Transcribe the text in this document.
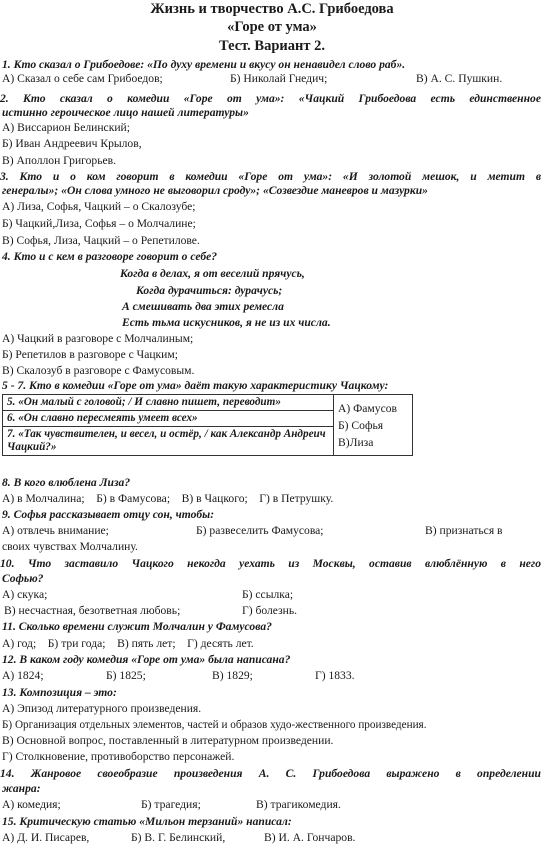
Жизнь и творчество А.С. Грибоедова
«Горе от ума»
Тест. Вариант 2.
1. Кто сказал о Грибоедове: «По духу времени и вкусу он ненавидел слово раб».
А) Сказал о себе сам Грибоедов;	Б) Николай Гнедич;	В) А. С. Пушкин.
2. Кто сказал о комедии «Горе от ума»: «Чацкий Грибоедова есть единственное
истинно героическое лицо нашей литературы»
А) Виссарион Белинский;
Б) Иван Андреевич Крылов,
В) Аполлон Григорьев.
3. Кто и о ком говорит в комедии «Горе от ума»: «И золотой мешок, и метит в
генералы»; «Он слова умного не выговорил сроду»; «Созвездие маневров и мазурки»
А) Лиза, Софья, Чацкий – о Скалозубе;
Б) Чацкий,Лиза, Софья – о Молчалине;
В) Софья, Лиза, Чацкий – о Репетилове.
4. Кто и с кем в разговоре говорит о себе?
Когда в делах, я от веселий прячусь,
Когда дурачиться: дурачусь;
А смешивать два этих ремесла
Есть тьма искусников, я не из их числа.
А) Чацкий в разговоре с Молчалиным;
Б) Репетилов в разговоре с Чацким;
В) Скалозуб в разговоре с Фамусовым.
5 - 7. Кто в комедии «Горе от ума» даёт такую характеристику Чацкому:
5. «Он малый с головой; / И славно пишет, переводит»	А) Фамусов
Б) Софья
В)Лиза

6. «Он славно пересмеять умеет всех»
7. «Так чувствителен, и весел, и остёр, / как Александр Андреич Чацкий?»
8. В кого влюблена Лиза?
А) в Молчалина;    Б) в Фамусова;    В) в Чацкого;    Г) в Петрушку.
9. Софья рассказывает отцу сон, чтобы:
А) отвлечь внимание;	Б) развеселить Фамусова;	В) признаться в
своих чувствах Молчалину.
10. Что заставило Чацкого некогда уехать из Москвы, оставив влюблённую в него
Софью?
А) скука;	Б) ссылка;
В) несчастная, безответная любовь;	Г) болезнь.
11. Сколько времени служит Молчалин у Фамусова?
А) год;    Б) три года;    В) пять лет;    Г) десять лет.
12. В каком году комедия «Горе от ума» была написана?
А) 1824;	Б) 1825;	В) 1829;	Г) 1833.
13. Композиция – это:
А) Эпизод литературного произведения.
Б) Организация отдельных элементов, частей и образов худо-жественного произведения.
В) Основной вопрос, поставленный в литературном произведении.
Г) Столкновение, противоборство персонажей.
14. Жанровое своеобразие произведения А. С. Грибоедова выражено в определении
жанра:
А) комедия;	Б) трагедия;	В) трагикомедия.
15. Критическую статью «Мильон терзаний» написал:
А) Д. И. Писарев,	Б) В. Г. Белинский,	В) И. А. Гончаров.
